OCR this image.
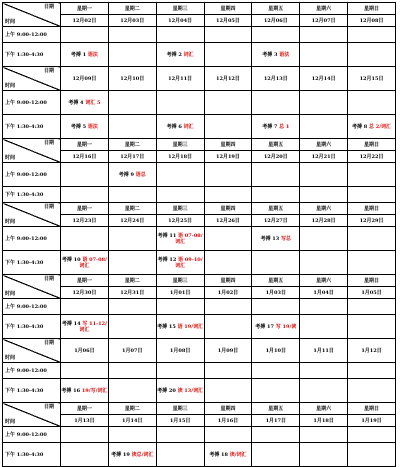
日期
时间	星期一	星期二	星期三	星期四	星期五	星期六	星期日
	12月02日	12月03日	12月04日	12月05日	12月06日	12月07日	12月08日
上午 9:00-12:00							
下午 1:30-4:30	考搏 1 语法		考搏 2 词汇		考搏 3 语法		

日期
时间	12月09日	12月10日	12月11日	12月12日	12月13日	12月14日	12月15日
上午 9:00-12:00	考搏 4 词汇 5						
下午 1:30-4:30	考搏 5 语法		考搏 6 词汇		考搏 7 总 1		考搏 8 总 2/词汇

日期
时间	星期一	星期二	星期三	星期四	星期五	星期六	星期日
	12月16日	12月17日	12月18日	12月19日	12月20日	12月21日	12月22日
上午 9:00-12:00		考搏 9 语总					
下午 1:30-4:30							

日期
时间	星期一	星期二	星期三	星期四	星期五	星期六	星期日
	12月23日	12月24日	12月25日	12月26日	12月27日	12月28日	12月29日
上午 9:00-12:00			考搏 11 语 07-08/词汇		考搏 13 写总		
下午 1:30-4:30	考搏 10 语 07-08/词汇		考搏 12 语 09-10/词汇				

日期
时间	星期一	星期二	星期三	星期四	星期五	星期六	星期日
	12月30日	12月31日	1月01日	1月02日	1月03日	1月04日	1月05日
上午 9:00-12:00							
下午 1:30-4:30	考搏 14 写 11-12/词汇		考搏 15 语 19/词汇		考搏 17 写 19/读		

日期
时间	1月06日	1月07日	1月08日	1月09日	1月10日	1月11日	1月12日
上午 9:00-12:00							
下午 1:30-4:30	考搏 16 19/写/词汇		考搏 20 读 13/词汇				

日期
时间	星期一	星期二	星期三	星期四	星期五	星期六	星期日
	1月13日	1月14日	1月15日	1月16日	1月17日	1月18日	1月19日
上午 9:00-12:00							
下午 1:30-4:30		考搏 19 读总/词汇		考搏 18 读/词汇			
